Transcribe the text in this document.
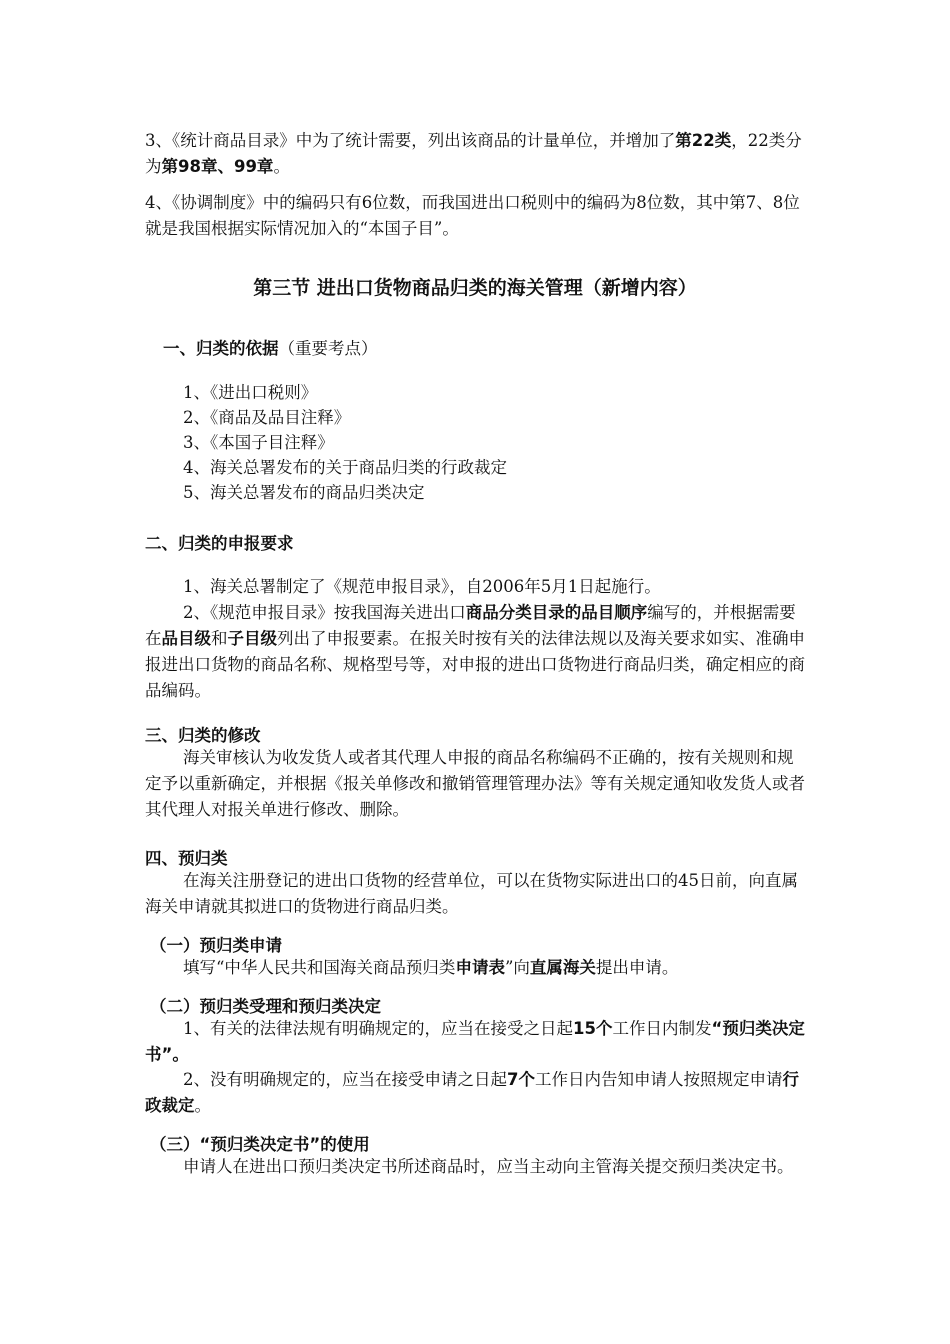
3、《统计商品目录》中为了统计需要，列出该商品的计量单位，并增加了第22类，22类分为第98章、99章。

4、《协调制度》中的编码只有6位数，而我国进出口税则中的编码为8位数，其中第7、8位就是我国根据实际情况加入的“本国子目”。

第三节 进出口货物商品归类的海关管理（新增内容）
一、归类的依据（重要考点）
1、《进出口税则》
2、《商品及品目注释》
3、《本国子目注释》
4、海关总署发布的关于商品归类的行政裁定
5、海关总署发布的商品归类决定
二、归类的申报要求

1、海关总署制定了《规范申报目录》，自2006年5月1日起施行。

2、《规范申报目录》按我国海关进出口商品分类目录的品目顺序编写的，并根据需要在品目级和子目级列出了申报要素。在报关时按有关的法律法规以及海关要求如实、准确申报进出口货物的商品名称、规格型号等，对申报的进出口货物进行商品归类，确定相应的商品编码。

三、归类的修改

海关审核认为收发货人或者其代理人申报的商品名称编码不正确的，按有关规则和规定予以重新确定，并根据《报关单修改和撤销管理管理办法》等有关规定通知收发货人或者其代理人对报关单进行修改、删除。

四、预归类

在海关注册登记的进出口货物的经营单位，可以在货物实际进出口的45日前，向直属海关申请就其拟进口的货物进行商品归类。

（一）预归类申请

填写“中华人民共和国海关商品预归类申请表”向直属海关提出申请。

（二）预归类受理和预归类决定

1、有关的法律法规有明确规定的，应当在接受之日起15个工作日内制发“预归类决定书”。

2、没有明确规定的，应当在接受申请之日起7个工作日内告知申请人按照规定申请行政裁定。

（三）“预归类决定书”的使用

申请人在进出口预归类决定书所述商品时，应当主动向主管海关提交预归类决定书。
